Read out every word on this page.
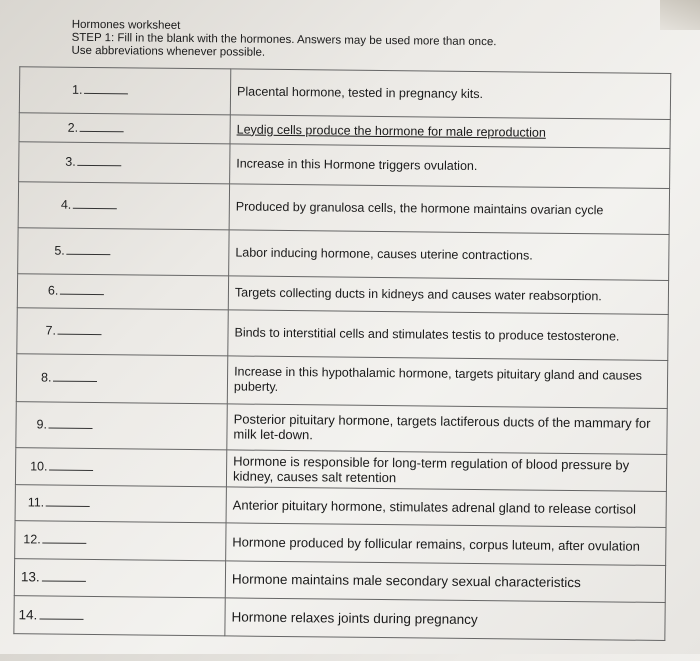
Hormones worksheet
STEP 1: Fill in the blank with the hormones. Answers may be used more than once.
Use abbreviations whenever possible.
1.	Placental hormone, tested in pregnancy kits.
2.	Leydig cells produce the hormone for male reproduction
3.	Increase in this Hormone triggers ovulation.
4.	Produced by granulosa cells, the hormone maintains ovarian cycle
5.	Labor inducing hormone, causes uterine contractions.
6.	Targets collecting ducts in kidneys and causes water reabsorption.
7.	Binds to interstitial cells and stimulates testis to produce testosterone.
8.	Increase in this hypothalamic hormone, targets pituitary gland and causes puberty.
9.	Posterior pituitary hormone, targets lactiferous ducts of the mammary for milk let-down.
10.	Hormone is responsible for long-term regulation of blood pressure by kidney, causes salt retention
11.	Anterior pituitary hormone, stimulates adrenal gland to release cortisol
12.	Hormone produced by follicular remains, corpus luteum, after ovulation
13.	Hormone maintains male secondary sexual characteristics
14.	Hormone relaxes joints during pregnancy
